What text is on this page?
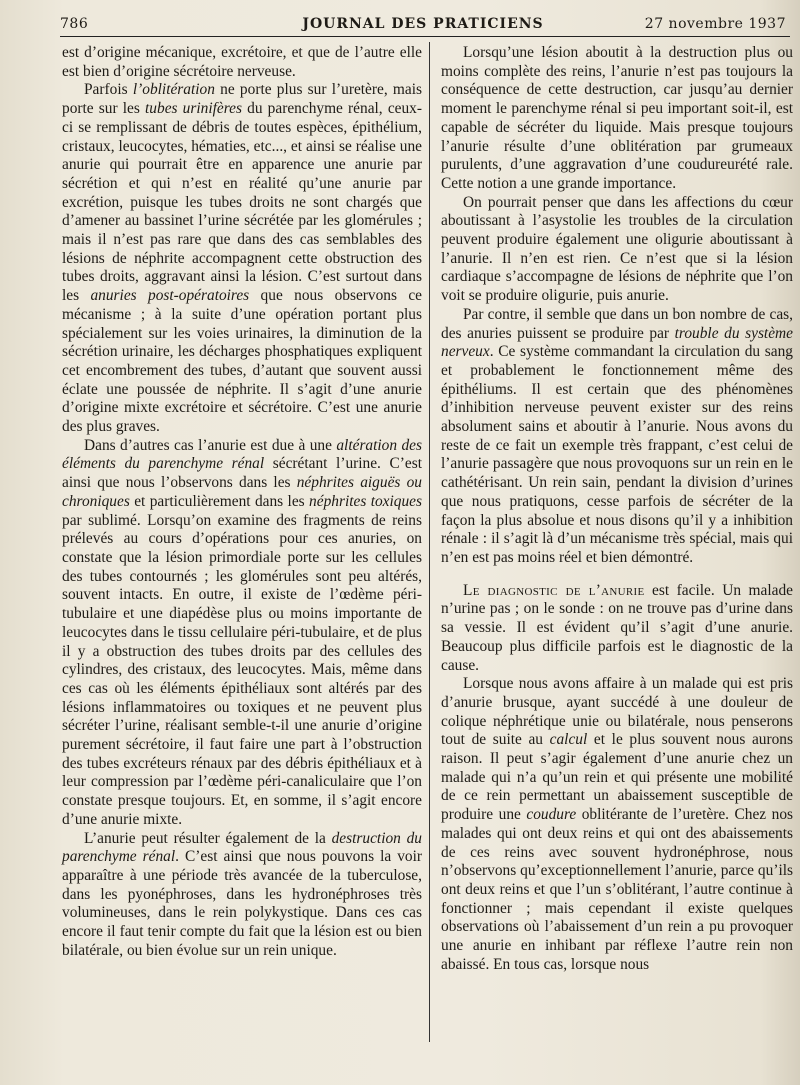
786	JOURNAL DES PRATICIENS	27 novembre 1937

est d’origine mécanique, excrétoire, et que de l’autre elle est bien d’origine sécrétoire nerveuse.

Parfois l’oblitération ne porte plus sur l’uretère, mais porte sur les tubes urinifères du parenchyme rénal, ceux-ci se remplissant de débris de toutes espèces, épithélium, cristaux, leucocytes, hématies, etc..., et ainsi se réalise une anurie qui pourrait être en apparence une anurie par sécrétion et qui n’est en réalité qu’une anurie par excrétion, puisque les tubes droits ne sont chargés que d’amener au bassinet l’urine sécrétée par les glomérules ; mais il n’est pas rare que dans des cas semblables des lésions de néphrite accompagnent cette obstruction des tubes droits, aggravant ainsi la lésion. C’est surtout dans les anuries post-opératoires que nous observons ce mécanisme ; à la suite d’une opération portant plus spécialement sur les voies urinaires, la diminution de la sécrétion urinaire, les décharges phosphatiques expliquent cet encombrement des tubes, d’autant que souvent aussi éclate une poussée de néphrite. Il s’agit d’une anurie d’origine mixte excrétoire et sécrétoire. C’est une anurie des plus graves.

Dans d’autres cas l’anurie est due à une altération des éléments du parenchyme rénal sécrétant l’urine. C’est ainsi que nous l’observons dans les néphrites aiguës ou chroniques et particulièrement dans les néphrites toxiques par sublimé. Lorsqu’on examine des fragments de reins prélevés au cours d’opérations pour ces anuries, on constate que la lésion primordiale porte sur les cellules des tubes contournés ; les glomérules sont peu altérés, souvent intacts. En outre, il existe de l’œdème péri-tubulaire et une diapédèse plus ou moins importante de leucocytes dans le tissu cellulaire péri-tubulaire, et de plus il y a obstruction des tubes droits par des cellules des cylindres, des cristaux, des leucocytes. Mais, même dans ces cas où les éléments épithéliaux sont altérés par des lésions inflammatoires ou toxiques et ne peuvent plus sécréter l’urine, réalisant semble-t-il une anurie d’origine purement sécrétoire, il faut faire une part à l’obstruction des tubes excréteurs rénaux par des débris épithéliaux et à leur compression par l’œdème péri-canaliculaire que l’on constate presque toujours. Et, en somme, il s’agit encore d’une anurie mixte.

L’anurie peut résulter également de la destruction du parenchyme rénal. C’est ainsi que nous pouvons la voir apparaître à une période très avancée de la tuberculose, dans les pyonéphroses, dans les hydronéphroses très volumineuses, dans le rein polykystique. Dans ces cas encore il faut tenir compte du fait que la lésion est ou bien bilatérale, ou bien évolue sur un rein unique.

Lorsqu’une lésion aboutit à la destruction plus ou moins complète des reins, l’anurie n’est pas toujours la conséquence de cette destruction, car jusqu’au dernier moment le parenchyme rénal si peu important soit-il, est capable de sécréter du liquide. Mais presque toujours l’anurie résulte d’une oblitération par grumeaux purulents, d’une aggravation d’une coudureurété rale. Cette notion a une grande importance.

On pourrait penser que dans les affections du cœur aboutissant à l’asystolie les troubles de la circulation peuvent produire également une oligurie aboutissant à l’anurie. Il n’en est rien. Ce n’est que si la lésion cardiaque s’accompagne de lésions de néphrite que l’on voit se produire oligurie, puis anurie.

Par contre, il semble que dans un bon nombre de cas, des anuries puissent se produire par trouble du système nerveux. Ce système commandant la circulation du sang et probablement le fonctionnement même des épithéliums. Il est certain que des phénomènes d’inhibition nerveuse peuvent exister sur des reins absolument sains et aboutir à l’anurie. Nous avons du reste de ce fait un exemple très frappant, c’est celui de l’anurie passagère que nous provoquons sur un rein en le cathétérisant. Un rein sain, pendant la division d’urines que nous pratiquons, cesse parfois de sécréter de la façon la plus absolue et nous disons qu’il y a inhibition rénale : il s’agit là d’un mécanisme très spécial, mais qui n’en est pas moins réel et bien démontré.

Le diagnostic de l’anurie est facile. Un malade n’urine pas ; on le sonde : on ne trouve pas d’urine dans sa vessie. Il est évident qu’il s’agit d’une anurie. Beaucoup plus difficile parfois est le diagnostic de la cause.

Lorsque nous avons affaire à un malade qui est pris d’anurie brusque, ayant succédé à une douleur de colique néphrétique unie ou bilatérale, nous penserons tout de suite au calcul et le plus souvent nous aurons raison. Il peut s’agir également d’une anurie chez un malade qui n’a qu’un rein et qui présente une mobilité de ce rein permettant un abaissement susceptible de produire une coudure oblitérante de l’uretère. Chez nos malades qui ont deux reins et qui ont des abaissements de ces reins avec souvent hydronéphrose, nous n’observons qu’exceptionnellement l’anurie, parce qu’ils ont deux reins et que l’un s’oblitérant, l’autre continue à fonctionner ; mais cependant il existe quelques observations où l’abaissement d’un rein a pu provoquer une anurie en inhibant par réflexe l’autre rein non abaissé. En tous cas, lorsque nous
